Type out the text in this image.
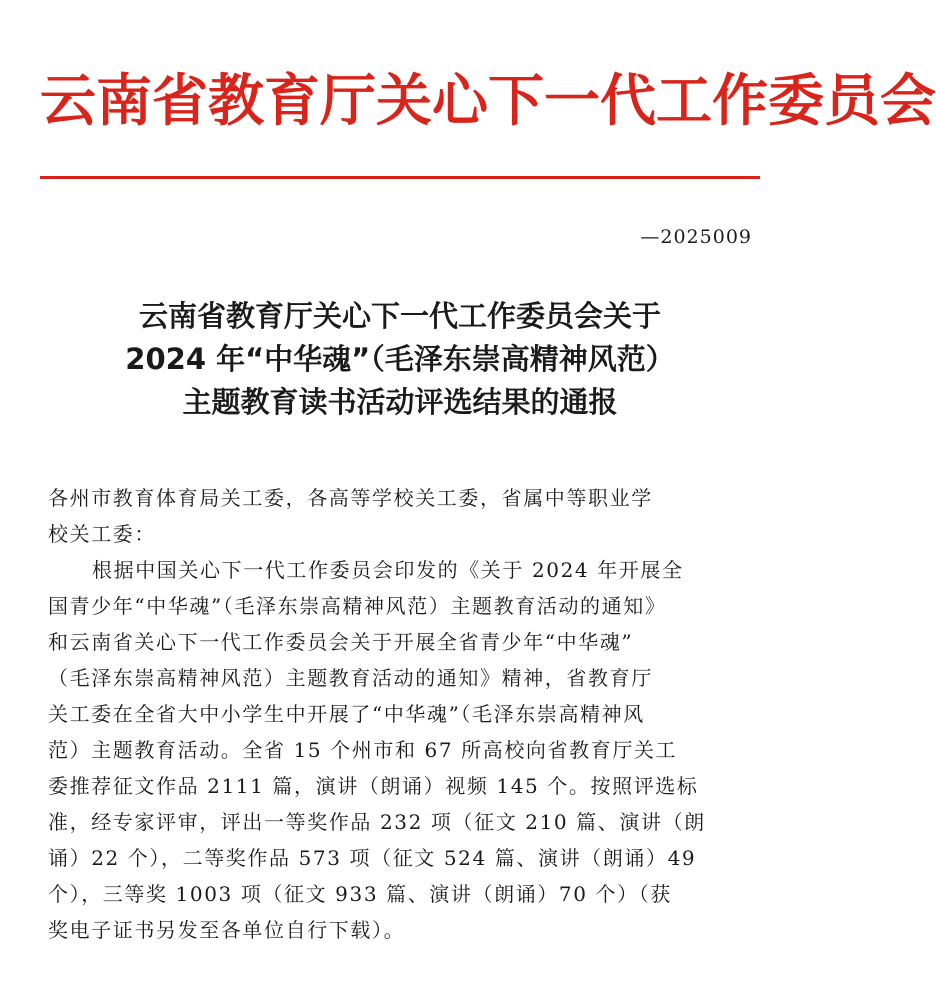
云南省教育厅关心下一代工作委员会
—2025009
云南省教育厅关心下一代工作委员会关于
2024 年“中华魂”（毛泽东崇高精神风范）
主题教育读书活动评选结果的通报
各州市教育体育局关工委，各高等学校关工委，省属中等职业学
校关工委：
根据中国关心下一代工作委员会印发的《关于 2024 年开展全
国青少年“中华魂”（毛泽东崇高精神风范）主题教育活动的通知》
和云南省关心下一代工作委员会关于开展全省青少年“中华魂”
（毛泽东崇高精神风范）主题教育活动的通知》精神，省教育厅
关工委在全省大中小学生中开展了“中华魂”（毛泽东崇高精神风
范）主题教育活动。全省 15 个州市和 67 所高校向省教育厅关工
委推荐征文作品 2111 篇，演讲（朗诵）视频 145 个。按照评选标
准，经专家评审，评出一等奖作品 232 项（征文 210 篇、演讲（朗
诵）22 个），二等奖作品 573 项（征文 524 篇、演讲（朗诵）49
个），三等奖 1003 项（征文 933 篇、演讲（朗诵）70 个）（获
奖电子证书另发至各单位自行下载）。
